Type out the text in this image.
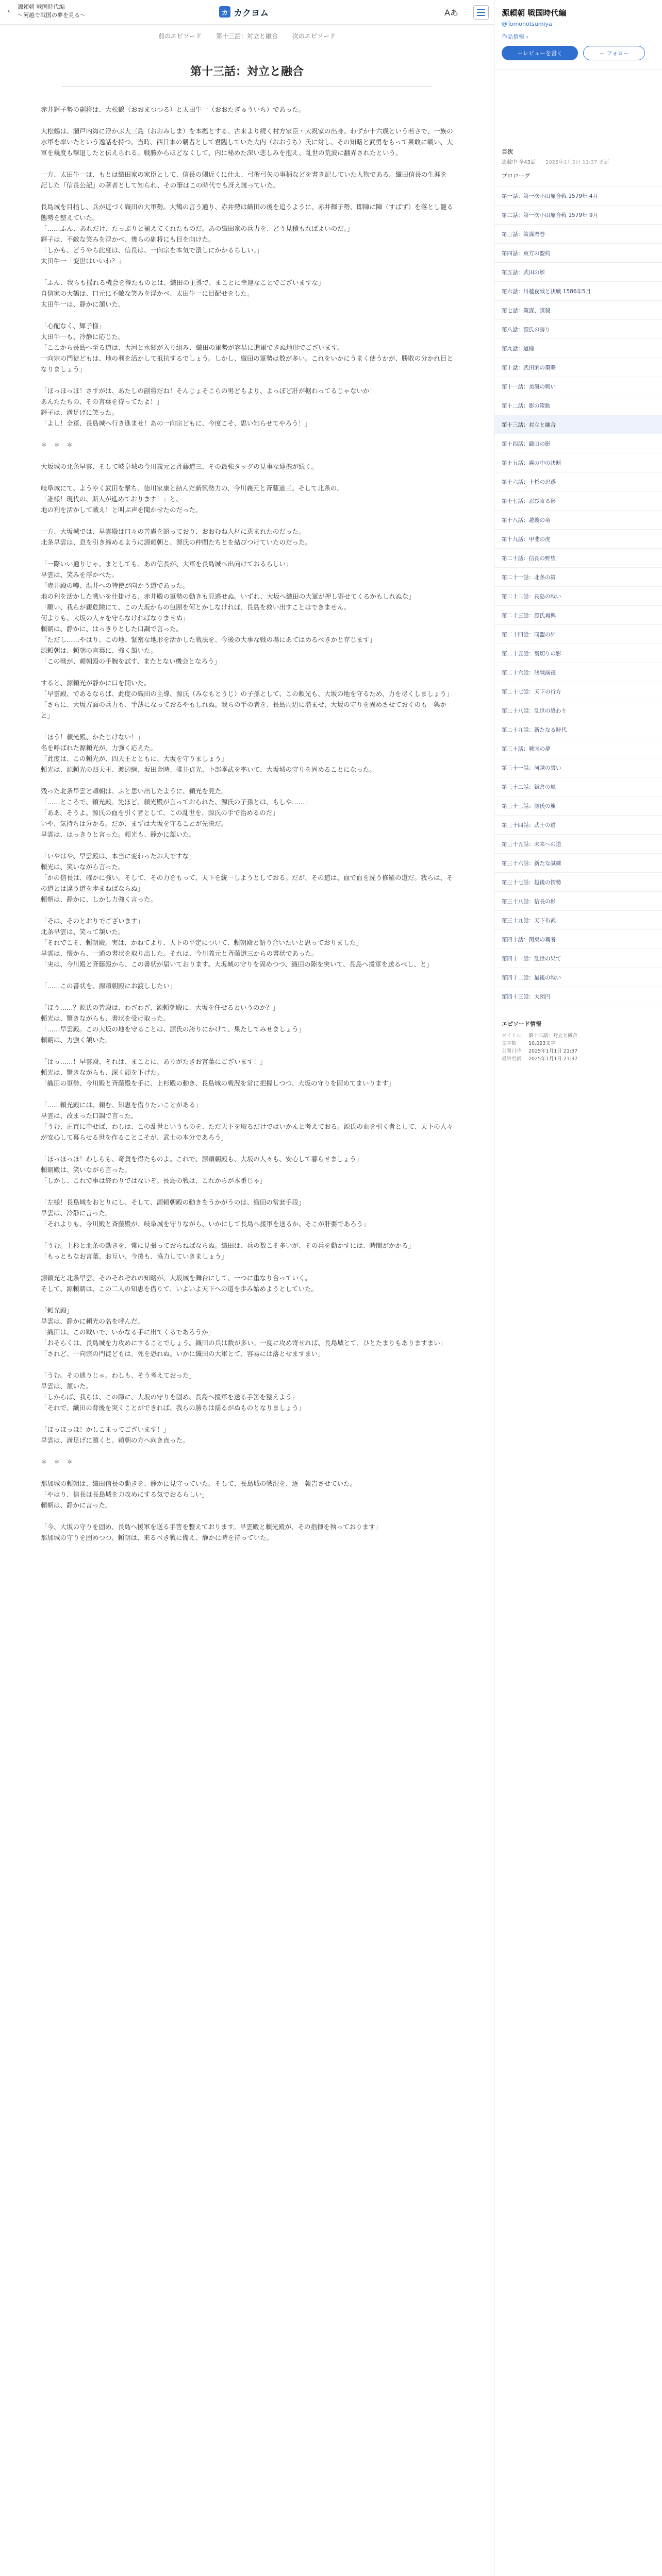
‹
源頼朝 戦国時代編
～河越で戦国の夢を見る～	カ カクヨム	Aあ
前のエピソード 第十三話：対立と融合 次のエピソード
第十三話：対立と融合

赤井輝子勢の副将は、大松鶴（おおまつつる）と太田牛一（おおたぎゅういち）であった。

大松鶴は、瀬戸内海に浮かぶ大三島（おおみしま）を本拠とする、古来より続く村方家臣・大祝家の出身。わずか十六歳という若さで、一族の水軍を率いたという逸話を持つ。当時、西日本の覇者として君臨していた大内（おおうち）氏に対し、その知略と武勇をもって果敢に戦い、大軍を幾度も撃退したと伝えられる。戦勝からほどなくして、内に秘めた深い悲しみを抱え、乱世の荒波に翻弄されたという。

一方、太田牛一は、もとは織田家の家臣として、信長の側近くに仕え、弓術弓矢の事柄などを書き記していた人物である。織田信長の生涯を記した『信長公記』の著者として知られ、その筆はこの時代でも冴え渡っていた。

長島城を目指し、兵が近づく織田の大軍勢。大鶴の言う通り、赤井勢は織田の後を追うように、赤井輝子勢、即陣に陣（すばず）を落とし籠る態勢を整えていた。

「……ふん、あれだけ、たっぷりと揃えてくれたものだ。あの織田家の兵力を、どう見積もればよいのだ。」

輝子は、不敵な笑みを浮かべ、幾らの副将にも目を向けた。

「しかも、どうやら此度は、信長は、一向宗を本気で潰しにかかるらしい。」

太田牛一「変世はいいわ？」

「ふん、我らも揺れる機会を得たものとは、織田の主導で、まことに幸運なことでございますな」

自信家の大鶴は、口元に不敵な笑みを浮かべ、太田牛一に目配せをした。

太田牛一は、静かに頷いた。

「心配なく、輝子様」

太田牛一も、冷静に応じた。

「ここから長島へ至る道は、大河と水郷が入り組み、織田の軍勢が容易に進軍できぬ地形でございます。

一向宗の門徒どもは、地の利を活かして抵抗するでしょう。しかし、織田の軍勢は数が多い。これをいかにうまく使うかが、勝敗の分かれ目となりましょう」

「ほっほっほ！さすがは、あたしの副将だね！そんじょそこらの男どもより、よっぽど肝が据わってるじゃないか！

あんたたちの、その言葉を待ってたよ！」

輝子は、満足げに笑った。

「よし！全軍、長島城へ行き進ませ！あの一向宗どもに、今度こそ、思い知らせてやろう！」

＊　＊　＊

大坂城の北条早雲、そして岐阜城の今川義元と斉藤道三、その最強タッグの見事な連携が続く。

岐阜城にて、ようやく武田を撃ち、徳川家康と結んだ新興勢力の、今川義元と斉藤道三。そして北条の、

「誰様！現代の、斯人が進めております！」と、

地の利を活かして戦え！と叫ぶ声を聞かせたのだった。

一方、大坂城では、早雲殿は口々の苦慮を語っており、おおむね人材に恵まれたのだった。

北条早雲は、息を引き締めるように源頼朝と、源氏の仲間たちとを結びつけていたのだった。

「一際いい通りじゃ。まとしても、あの信長が、大軍を長島城へ出向けておるらしい」

早雲は、笑みを浮かべた。

「赤井殿の噂、温井への特使が向かう道であった。

地の利を活かした戦いを仕掛ける、赤井殿の軍勢の動きも見逃せぬ。いずれ、大坂へ織田の大軍が押し寄せてくるかもしれぬな」

「願い、我らが親危険にて、この大坂からの包囲を何とかしなければ、長島を救い出すことはできません。

何よりも、大坂の人々を守らなければなりませぬ」

頼朝は、静かに、はっきりとした口調で言った。

「ただし……やはり、この地、緊密な地形を活かした戦法を、今後の大事な戦の場にあてはめるべきかと存じます」

源頼朝は、頼朝の言葉に、強く頷いた。

「この戦が、頼朝殿の手腕を試す、またとない機会となろう」

すると、源頼光が静かに口を開いた。

「早雲殿、であるならば、此度の織田の主導、源氏（みなもとうじ）の子孫として、この頼光も、大坂の地を守るため、力を尽くしましょう」

「さらに、大坂方面の兵力も、手薄になっておるやもしれぬ。我らの手の者を、長島周辺に潜ませ、大坂の守りを固めさせておくのも一興かと」

「ほう！頼光殿、かたじけない！」

名を呼ばれた源頼光が、力強く応えた。

「此度は、この頼光が、四天王とともに、大坂を守りましょう」

頼光は、源頼光の四天王、渡辺綱、坂田金時、碓井貞光、卜部季武を率いて、大坂城の守りを固めることになった。

残った北条早雲と頼朝は、ふと思い出したように、頼光を見た。

「……ところで、頼光殿。先ほど、頼光殿が言っておられた、源氏の子孫とは、もしや……」

「ああ、そうよ。源氏の血を引く者として、この乱世を、源氏の手で治めるのだ」

いや、気持ちは分かる。だが、まずは大坂を守ることが先決だ。

早雲は、はっきりと言った。頼光も、静かに頷いた。

「いやはや、早雲殿は、本当に変わったお人ですな」

頼光は、笑いながら言った。

「かの信長は、確かに強い。そして、その力をもって、天下を統一しようとしておる。だが、その道は、血で血を洗う修羅の道だ。我らは、その道とは違う道を歩まねばならぬ」

頼朝は、静かに、しかし力強く言った。

「そは、そのとおりでございます」

北条早雲は、笑って頷いた。

「それでこそ、頼朝殿。実は、かねてより、天下の平定について、頼朝殿と語り合いたいと思っておりました」

早雲は、懐から、一通の書状を取り出した。それは、今川義元と斉藤道三からの書状であった。

「実は、今川殿と斉藤殿から、この書状が届いております。大坂城の守りを固めつつ、織田の隙を突いて、長島へ援軍を送るべし、と」

「……この書状を、源頼朝殿にお渡ししたい」

「ほう……？源氏の皆殿は、わざわざ、源頼朝殿に、大坂を任せるというのか？」

頼光は、驚きながらも、書状を受け取った。

「……早雲殿。この大坂の地を守ることは、源氏の誇りにかけて、果たしてみせましょう」

頼朝は、力強く頷いた。

「はっ……！早雲殿、それは、まことに、ありがたきお言葉にございます！」

頼光は、驚きながらも、深く頭を下げた。

「織田の軍勢、今川殿と斉藤殿を手に、上杉殿の動き、長島城の戦況を常に把握しつつ、大坂の守りを固めてまいります」

「……頼光殿には、頼む、知恵を借りたいことがある」

早雲は、改まった口調で言った。

「うむ、正直に申せば、わしは、この乱世というものを、ただ天下を取るだけではいかんと考えておる。源氏の血を引く者として、天下の人々が安心して暮らせる世を作ることこそが、武士の本分であろう」

「ほっほっほ！わしらも、奇貨を得たものよ。これで、源頼朝殿も、大坂の人々も、安心して暮らせましょう」

頼朝殿は、笑いながら言った。

「しかし、これで事は終わりではないぞ。長島の戦は、これからが本番じゃ」

「左様！長島城をおとりにし、そして、源頼朝殿の動きをうかがうのは、織田の常套手段」

早雲は、冷静に言った。

「それよりも、今川殿と斉藤殿が、岐阜城を守りながら、いかにして長島へ援軍を送るか、そこが肝要であろう」

「うむ。上杉と北条の動きを、常に見張っておらねばならぬ。織田は、兵の数こそ多いが、その兵を動かすには、時間がかかる」

「もっともなお言葉、お互い、今後も、協力していきましょう」

源頼光と北条早雲、そのそれぞれの知略が、大坂城を舞台にして、一つに重なり合っていく。

そして、源頼朝は、この二人の知恵を借りて、いよいよ天下への道を歩み始めようとしていた。

「頼光殿」

早雲は、静かに頼光の名を呼んだ。

「織田は、この戦いで、いかなる手に出てくるであろうか」

「おそらくは、長島城を力攻めにすることでしょう。織田の兵は数が多い。一度に攻め寄せれば、長島城とて、ひとたまりもありますまい」

「されど、一向宗の門徒どもは、死を恐れぬ。いかに織田の大軍とて、容易には落とせますまい」

「うむ。その通りじゃ。わしも、そう考えておった」

早雲は、頷いた。

「しからば、我らは、この隙に、大坂の守りを固め、長島へ援軍を送る手筈を整えよう」

「それで、織田の背後を突くことができれば、我らの勝ちは揺るがぬものとなりましょう」

「ほっほっほ！かしこまってございます！」

早雲は、満足げに頷くと、頼朝の方へ向き直った。

＊　＊　＊

那加城の頼朝は、織田信長の動きを、静かに見守っていた。そして、長島城の戦況を、逐一報告させていた。

「やはり、信長は長島城を力攻めにする気でおるらしい」

頼朝は、静かに言った。

「今、大坂の守りを固め、長島へ援軍を送る手筈を整えております。早雲殿と頼光殿が、その指揮を執っております」

那加城の守りを固めつつ、頼朝は、来るべき戦に備え、静かに時を待っていた。

源頼朝 戦国時代編
@Tomonotsumiya
作品情報 ›
＋レビューを書く	＋ フォロー
目次
連載中 全43話 2025年1月2日 11:37 更新
プロローグ
第一話：第一次小田原合戦 1579年 4月
第二話：第一次小田原合戦 1579年 9月
第三話：策謀渦巻
第四話：東方の盟約
第五話：武田の影
第六話：川越夜戦と決戦 1586年5月
第七話：策謀、謀殺
第八話：源氏の誇り
第九話：道標
第十話：武田家の策略
第十一話：美濃の戦い
第十二話：影の策動
第十三話：対立と融合
第十四話：織田の影
第十五話：霧の中の決断
第十六話：上杉の思惑
第十七話：忍び寄る影
第十八話：越後の竜
第十九話：甲斐の虎
第二十話：信長の野望
第二十一話：北条の策
第二十二話：長島の戦い
第二十三話：源氏再興
第二十四話：同盟の絆
第二十五話：裏切りの影
第二十六話：決戦前夜
第二十七話：天下の行方
第二十八話：乱世の終わり
第二十九話：新たなる時代
第三十話：戦国の夢
第三十一話：河越の誓い
第三十二話：鎌倉の風
第三十三話：源氏の旗
第三十四話：武士の道
第三十五話：未来への道
第三十六話：新たな試練
第三十七話：越後の情勢
第三十八話：信長の影
第三十九話：天下布武
第四十話：関東の覇者
第四十一話：乱世の果て
第四十二話：最後の戦い
第四十三話：大団円
エピソード情報
タイトル	第十三話：対立と融合
文字数	10,023文字
公開日時	2025年1月1日 21:37
最終更新	2025年1月1日 21:37
